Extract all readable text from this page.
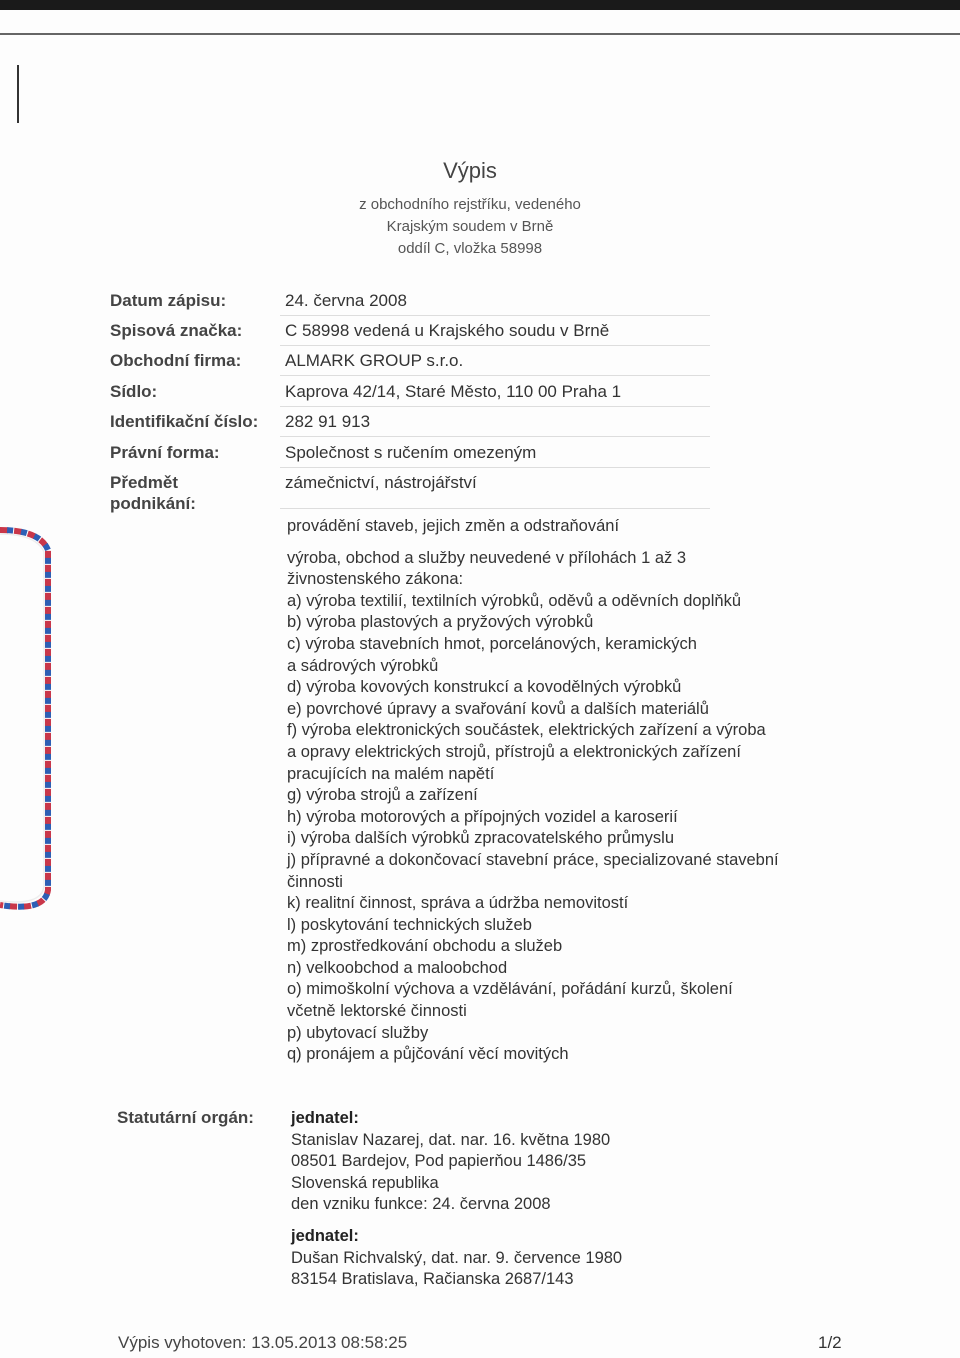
Výpis
z obchodního rejstříku, vedeného
Krajským soudem v Brně
oddíl C, vložka 58998
Datum zápisu:	24. června 2008
Spisová značka:	C 58998 vedená u Krajského soudu v Brně
Obchodní firma:	ALMARK GROUP s.r.o.
Sídlo:	Kaprova 42/14, Staré Město, 110 00 Praha 1
Identifikační číslo: 282 91 913
Právní forma:	Společnost s ručením omezeným
Předmět
podnikání:
zámečnictví, nástrojářství

provádění staveb, jejich změn a odstraňování

výroba, obchod a služby neuvedené v přílohách 1 až 3
živnostenského zákona:

a) výroba textilií, textilních výrobků, oděvů a oděvních doplňků

b) výroba plastových a pryžových výrobků

c) výroba stavebních hmot, porcelánových, keramických
a sádrových výrobků

d) výroba kovových konstrukcí a kovodělných výrobků

e) povrchové úpravy a svařování kovů a dalších materiálů

f) výroba elektronických součástek, elektrických zařízení a výroba
a opravy elektrických strojů, přístrojů a elektronických zařízení
pracujících na malém napětí

g) výroba strojů a zařízení

h) výroba motorových a přípojných vozidel a karoserií

i) výroba dalších výrobků zpracovatelského průmyslu

j) přípravné a dokončovací stavební práce, specializované stavební
činnosti

k) realitní činnost, správa a údržba nemovitostí

l) poskytování technických služeb

m) zprostředkování obchodu a služeb

n) velkoobchod a maloobchod

o) mimoškolní výchova a vzdělávání, pořádání kurzů, školení
včetně lektorské činnosti

p) ubytovací služby

q) pronájem a půjčování věcí movitých

Statutární orgán: jednatel:
Stanislav Nazarej, dat. nar. 16. května 1980
08501 Bardejov, Pod papierňou 1486/35
Slovenská republika
den vzniku funkce: 24. června 2008
jednatel:
Dušan Richvalský, dat. nar. 9. července 1980
83154 Bratislava, Račianska 2687/143
Výpis vyhotoven: 13.05.2013 08:58:25	1/2
